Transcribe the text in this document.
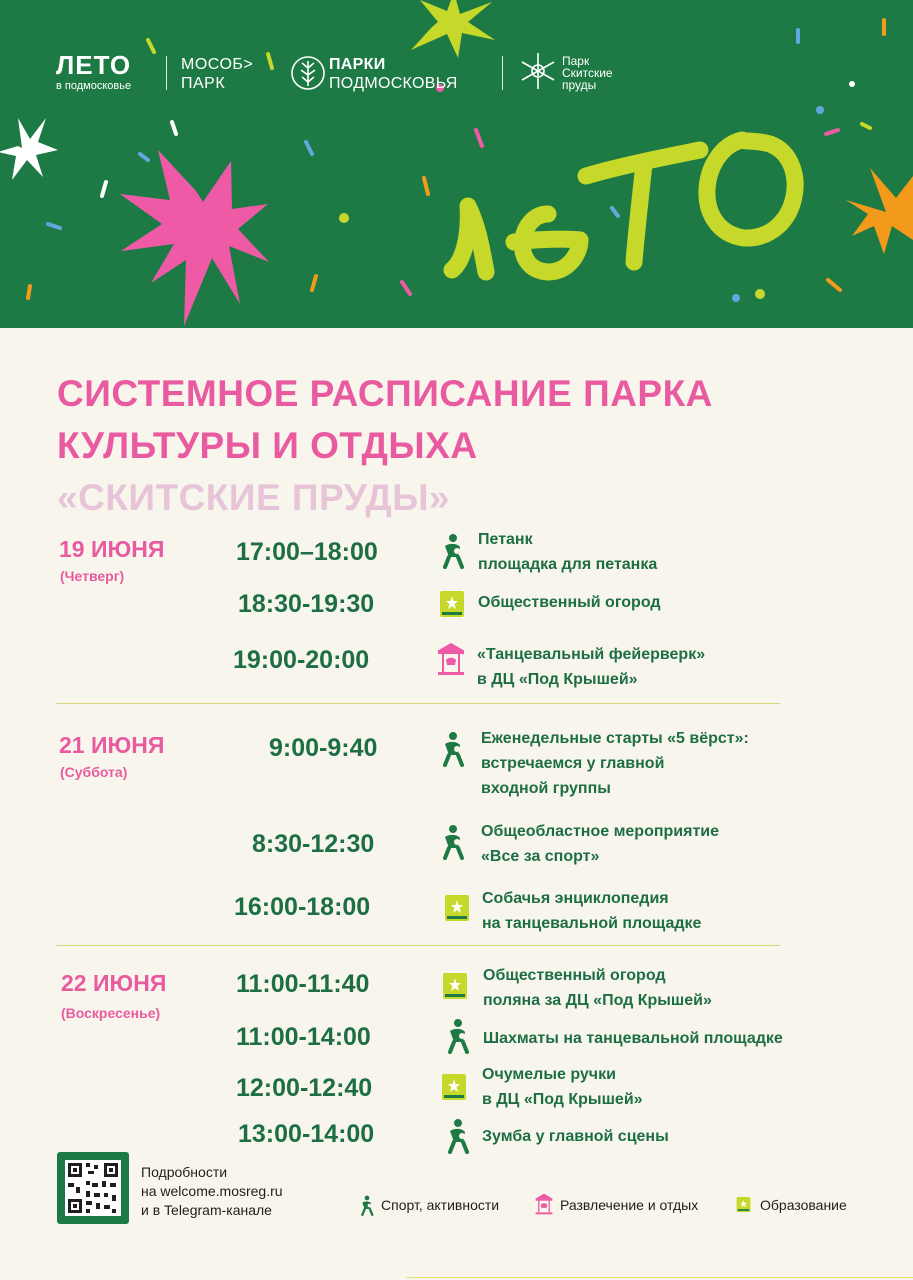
ЛЕТО
в подмосковье
МОСОБ>
ПАРК
ПАРКИ
ПОДМОСКОВЬЯ
Парк
Скитские
пруды
СИСТЕМНОЕ РАСПИСАНИЕ ПАРКА
КУЛЬТУРЫ И ОТДЫХА
«СКИТСКИЕ ПРУДЫ»
19 ИЮНЯ
(Четверг)
17:00–18:00	Петанк
площадка для петанка
18:30-19:30	Общественный огород
19:00-20:00	«Танцевальный фейерверк»
в ДЦ «Под Крышей»
21 ИЮНЯ
(Суббота)
9:00-9:40	Еженедельные старты «5 вёрст»:
встречаемся у главной
входной группы
8:30-12:30	Общеобластное мероприятие
«Все за спорт»
16:00-18:00	Собачья энциклопедия
на танцевальной площадке
22 ИЮНЯ
(Воскресенье)
11:00-11:40	Общественный огород
поляна за ДЦ «Под Крышей»
11:00-14:00	Шахматы на танцевальной площадке
12:00-12:40	Очумелые ручки
в ДЦ «Под Крышей»
13:00-14:00	Зумба у главной сцены
Подробности
на welcome.mosreg.ru
и в Telegram-канале	Спорт, активности	Развлечение и отдых	Образование
